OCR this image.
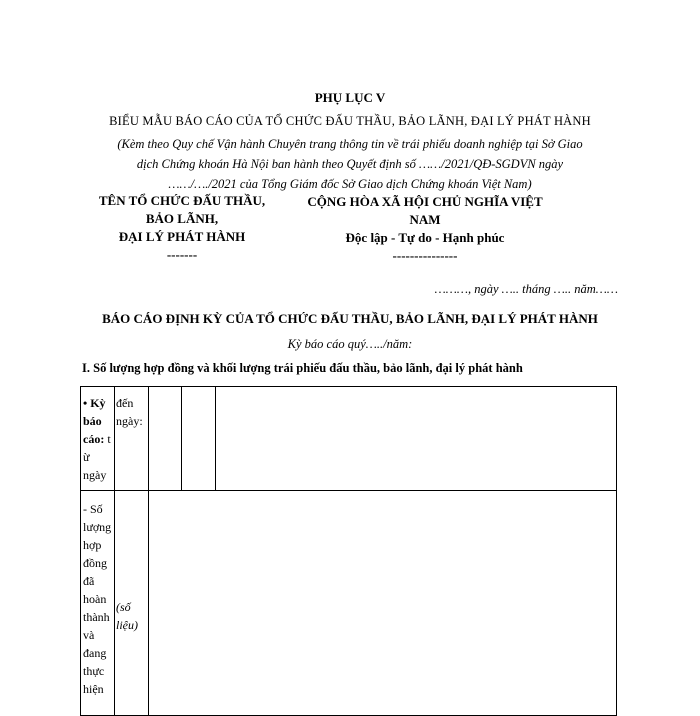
PHỤ LỤC V
BIỂU MẪU BÁO CÁO CỦA TỔ CHỨC ĐẤU THẦU, BẢO LÃNH, ĐẠI LÝ PHÁT HÀNH
(Kèm theo Quy chế Vận hành Chuyên trang thông tin về trái phiếu doanh nghiệp tại Sở Giao
dịch Chứng khoán Hà Nội ban hành theo Quyết định số ……/2021/QĐ-SGDVN ngày
……/…./2021 của Tổng Giám đốc Sở Giao dịch Chứng khoán Việt Nam)
TÊN TỔ CHỨC ĐẤU THẦU,
BẢO LÃNH,
ĐẠI LÝ PHÁT HÀNH
-------
CỘNG HÒA XÃ HỘI CHỦ NGHĨA VIỆT NAM
Độc lập - Tự do - Hạnh phúc
---------------
………, ngày ….. tháng ….. năm……
BÁO CÁO ĐỊNH KỲ CỦA TỔ CHỨC ĐẤU THẦU, BẢO LÃNH, ĐẠI LÝ PHÁT HÀNH
Kỳ báo cáo quý…../năm:
I. Số lượng hợp đồng và khối lượng trái phiếu đấu thầu, bảo lãnh, đại lý phát hành
• Kỳ
báo
cáo: t
ừ
ngày
đến
ngày:
- Số
lượng
hợp
đồng
đã
hoàn
thành
và
đang
thực
hiện
(số
liệu)
